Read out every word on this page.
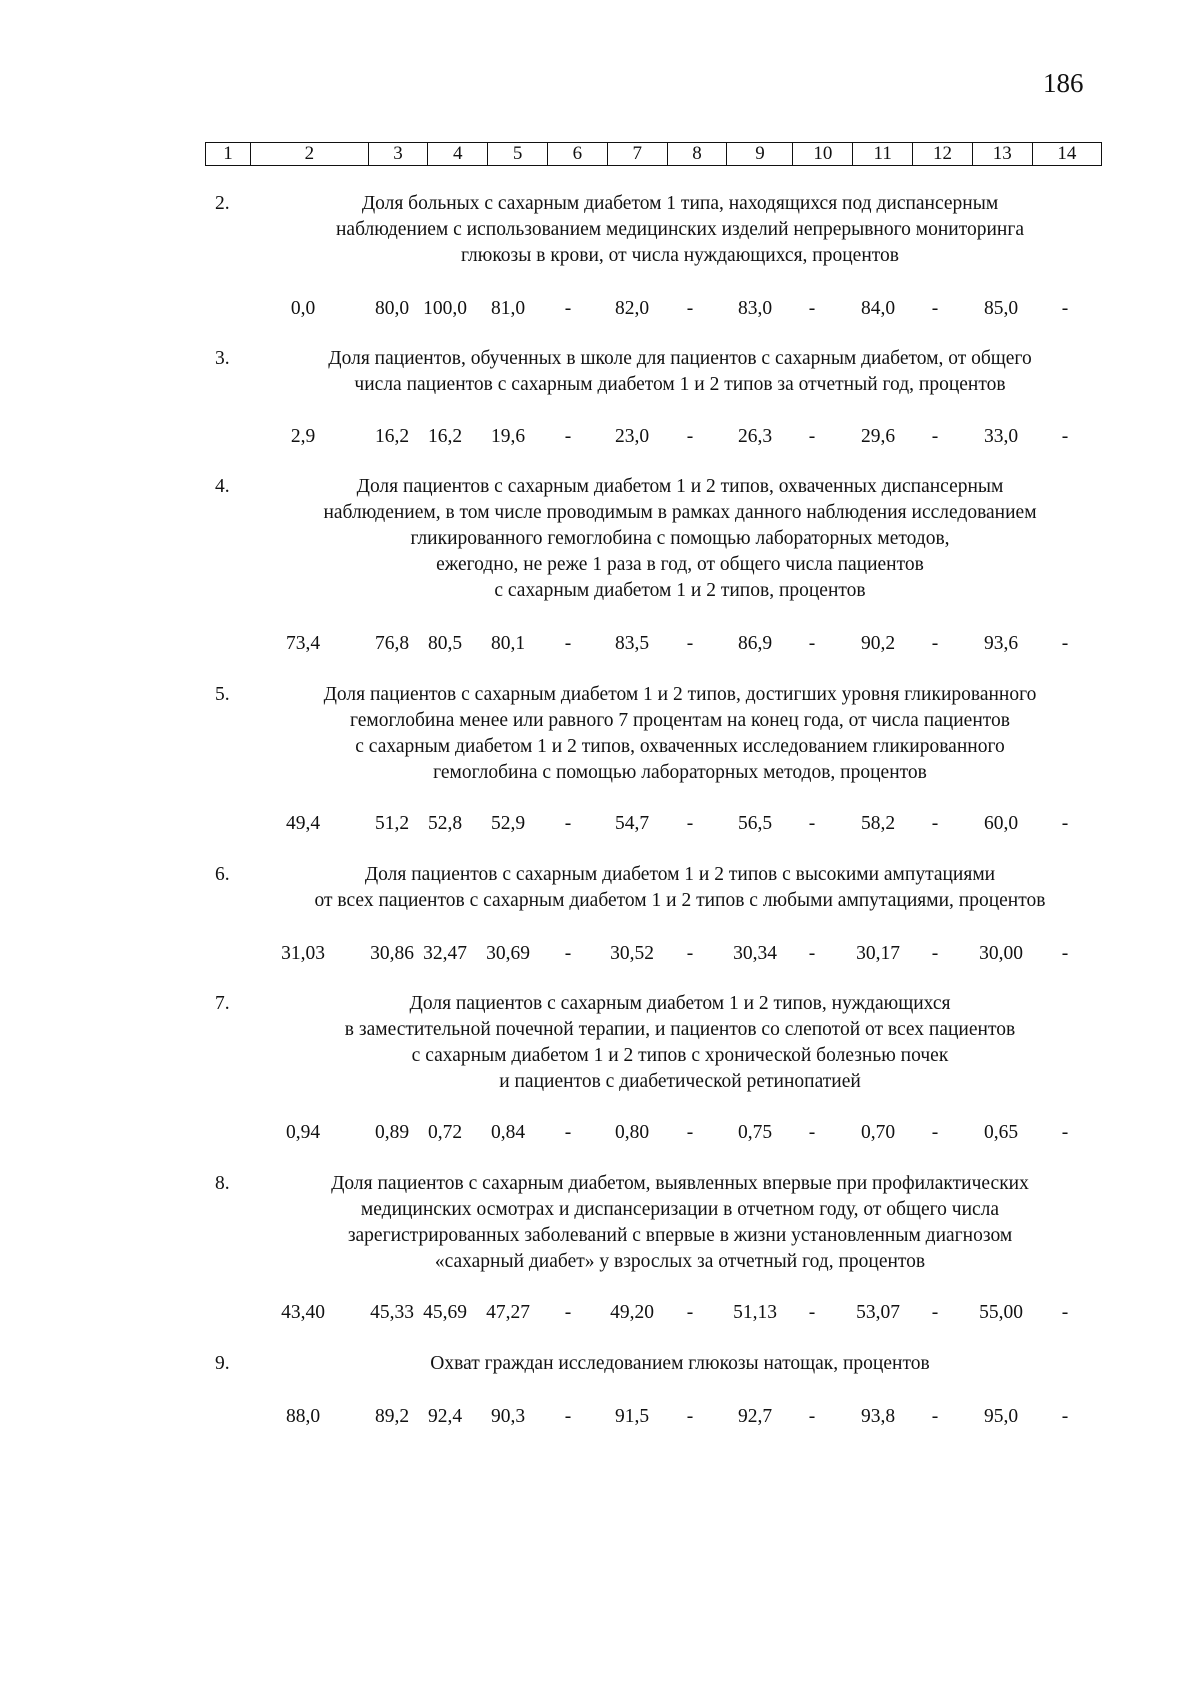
186
1	2	3	4	5	6	7	8	9	10	11	12	13	14
2.	Доля больных с сахарным диабетом 1 типа, находящихся под диспансерным
наблюдением с использованием медицинских изделий непрерывного мониторинга
глюкозы в крови, от числа нуждающихся, процентов
0,0	80,0 100,0	81,0	-	82,0	-	83,0	-	84,0	-	85,0	-
3.	Доля пациентов, обученных в школе для пациентов с сахарным диабетом, от общего
числа пациентов с сахарным диабетом 1 и 2 типов за отчетный год, процентов
2,9	16,2 16,2	19,6	-	23,0	-	26,3	-	29,6	-	33,0	-
4.	Доля пациентов с сахарным диабетом 1 и 2 типов, охваченных диспансерным
наблюдением, в том числе проводимым в рамках данного наблюдения исследованием
гликированного гемоглобина с помощью лабораторных методов,
ежегодно, не реже 1 раза в год, от общего числа пациентов
с сахарным диабетом 1 и 2 типов, процентов
73,4	76,8 80,5	80,1	-	83,5	-	86,9	-	90,2	-	93,6	-
5.	Доля пациентов с сахарным диабетом 1 и 2 типов, достигших уровня гликированного
гемоглобина менее или равного 7 процентам на конец года, от числа пациентов
с сахарным диабетом 1 и 2 типов, охваченных исследованием гликированного
гемоглобина с помощью лабораторных методов, процентов
49,4	51,2 52,8	52,9	-	54,7	-	56,5	-	58,2	-	60,0	-
6.	Доля пациентов с сахарным диабетом 1 и 2 типов с высокими ампутациями
от всех пациентов с сахарным диабетом 1 и 2 типов с любыми ампутациями, процентов
31,03	30,86 32,47 30,69	-	30,52	-	30,34	-	30,17	-	30,00	-
7.	Доля пациентов с сахарным диабетом 1 и 2 типов, нуждающихся
в заместительной почечной терапии, и пациентов со слепотой от всех пациентов
с сахарным диабетом 1 и 2 типов с хронической болезнью почек
и пациентов с диабетической ретинопатией
0,94	0,89 0,72	0,84	-	0,80	-	0,75	-	0,70	-	0,65	-
8.	Доля пациентов с сахарным диабетом, выявленных впервые при профилактических
медицинских осмотрах и диспансеризации в отчетном году, от общего числа
зарегистрированных заболеваний с впервые в жизни установленным диагнозом
«сахарный диабет» у взрослых за отчетный год, процентов
43,40	45,33 45,69 47,27	-	49,20	-	51,13	-	53,07	-	55,00	-
9.	Охват граждан исследованием глюкозы натощак, процентов
88,0	89,2 92,4	90,3	-	91,5	-	92,7	-	93,8	-	95,0	-
